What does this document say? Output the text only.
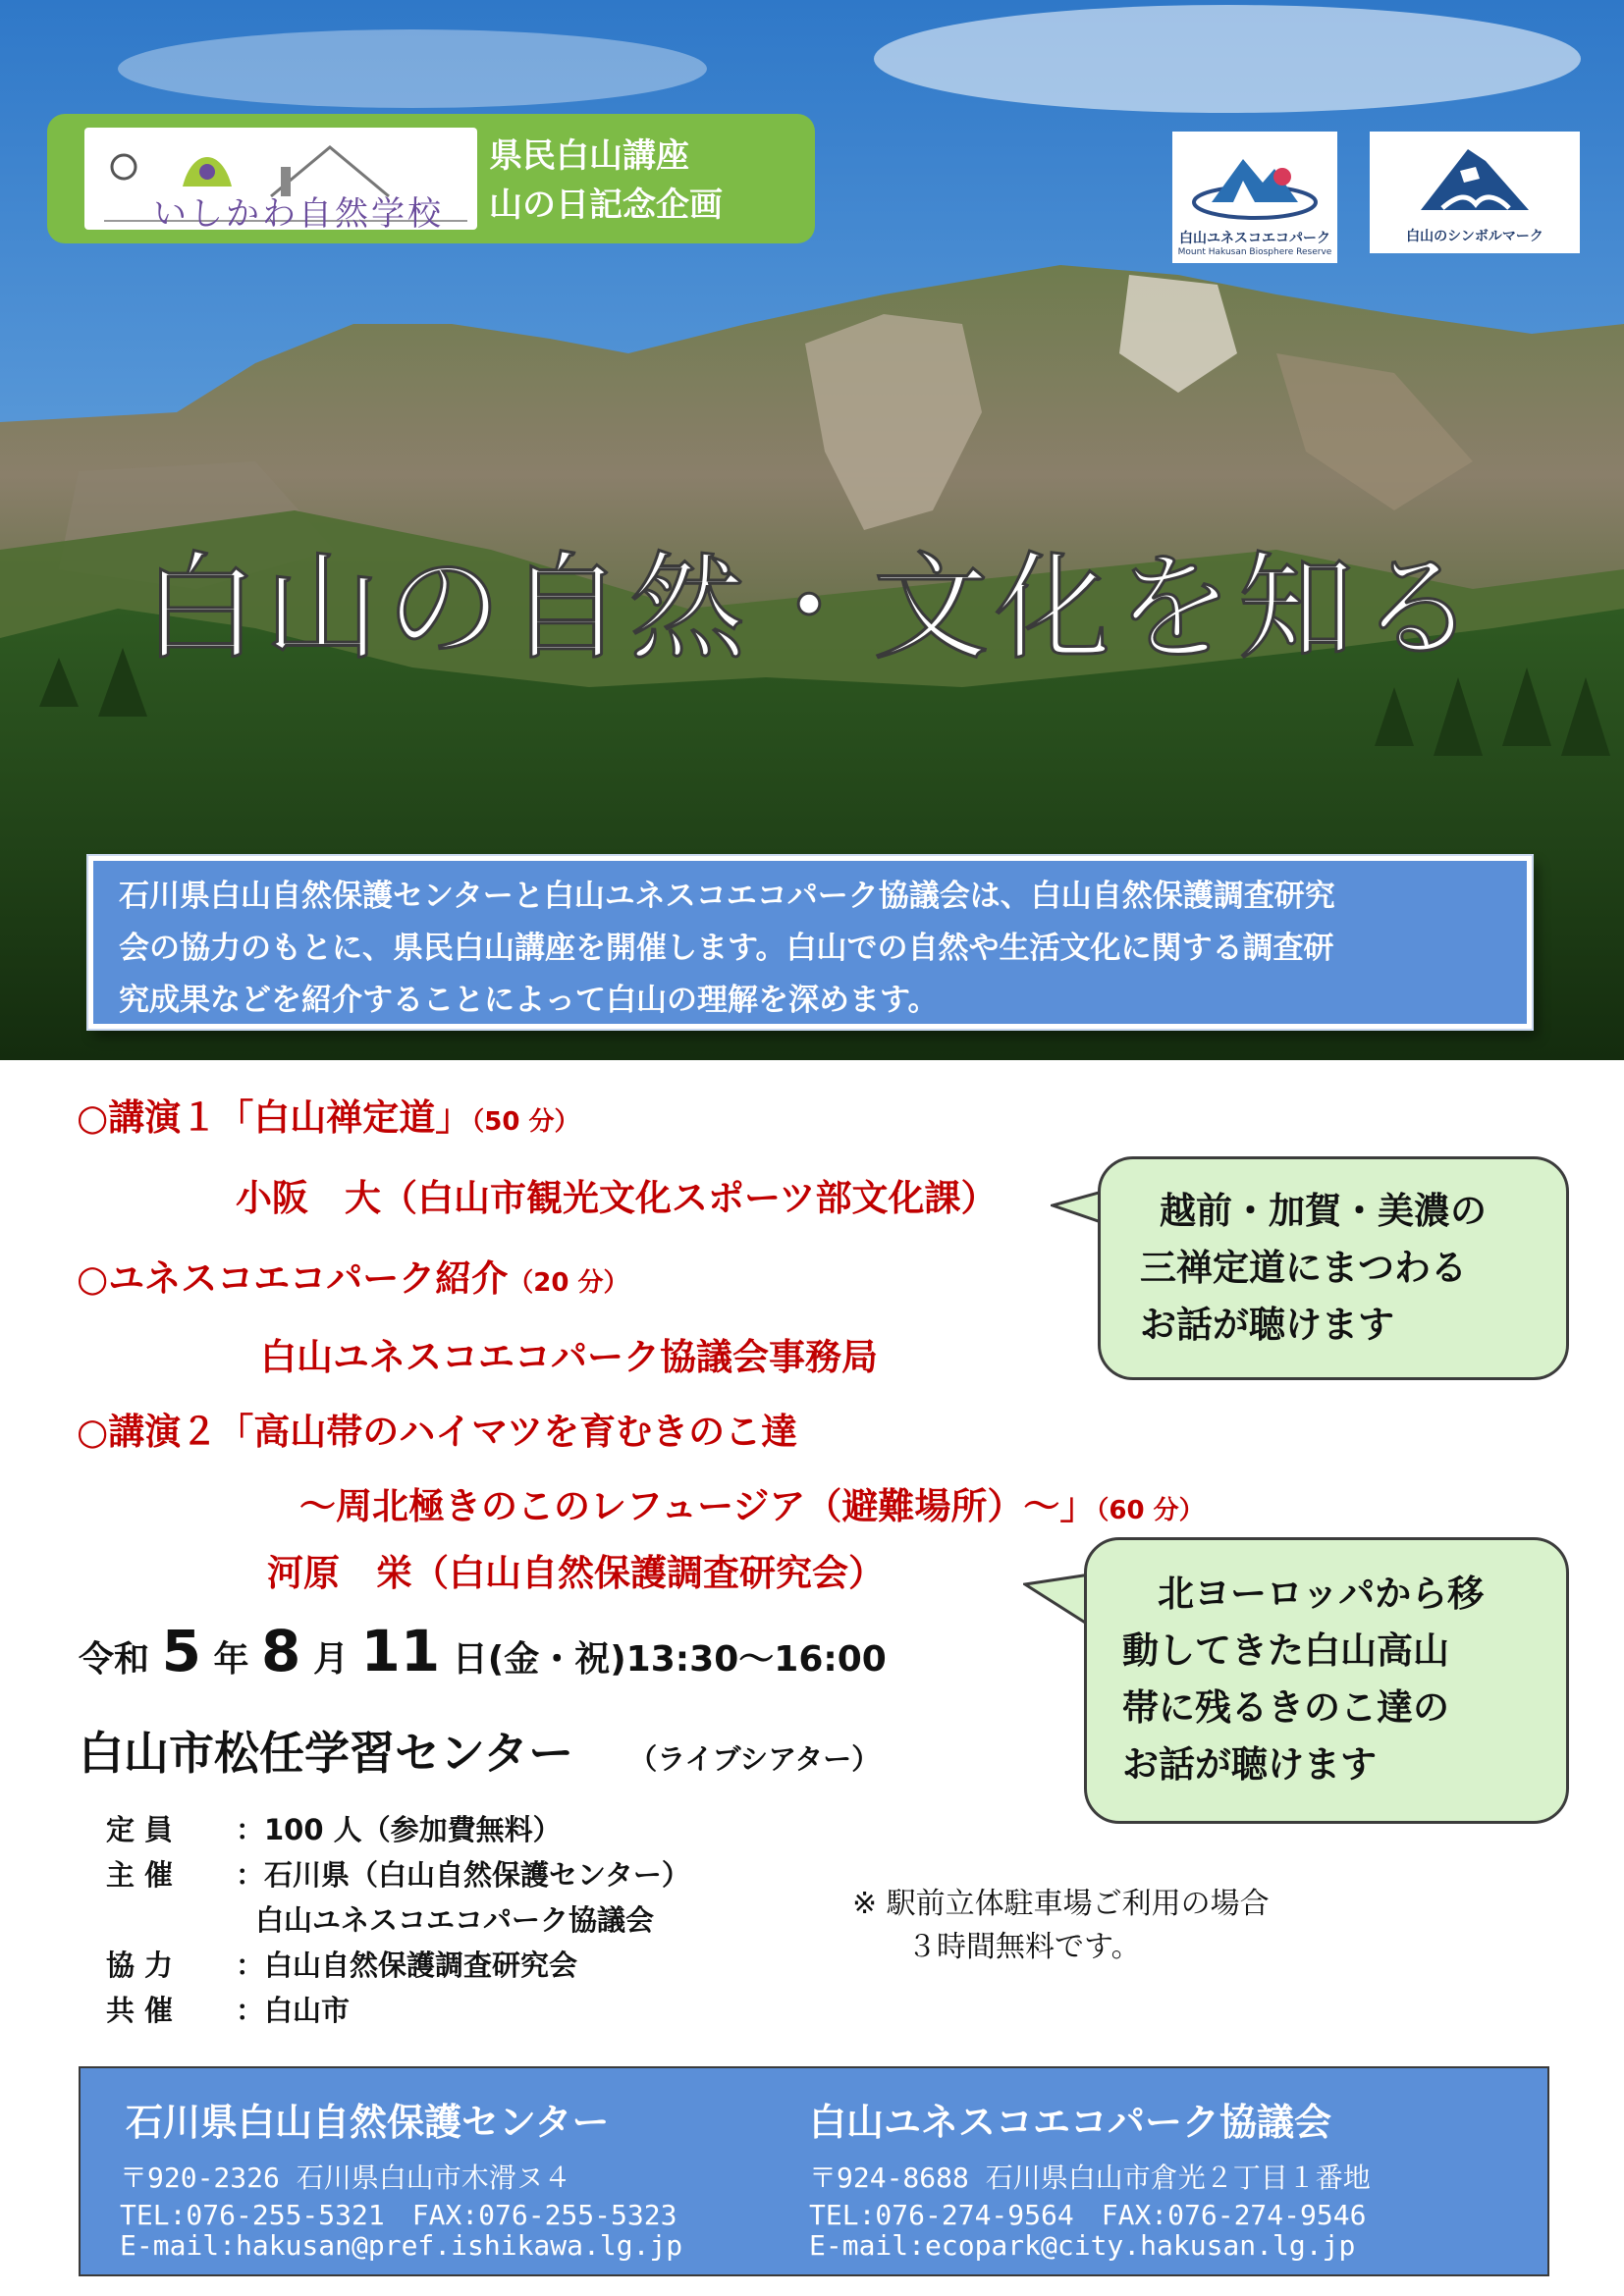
いしかわ自然学校
県民白山講座
山の日記念企画
白山ユネスコエコパーク
Mount Hakusan Biosphere Reserve
白山のシンボルマーク
白山の自然・文化を知る
石川県白山自然保護センターと白山ユネスコエコパーク協議会は、白山自然保護調査研究
会の協力のもとに、県民白山講座を開催します。白山での自然や生活文化に関する調査研
究成果などを紹介することによって白山の理解を深めます。
○講演１「白山禅定道」（50 分）
小阪　大（白山市観光文化スポーツ部文化課）
○ユネスコエコパーク紹介（20 分）
白山ユネスコエコパーク協議会事務局
○講演２「高山帯のハイマツを育むきのこ達
～周北極きのこのレフュージア（避難場所）～」（60 分）
河原　栄（白山自然保護調査研究会）
越前・加賀・美濃の
三禅定道にまつわる
お話が聴けます
北ヨーロッパから移
動してきた白山高山
帯に残るきのこ達の
お話が聴けます
令和 5 年 8 月 11 日(金・祝)13:30～16:00
白山市松任学習センター （ライブシアター）
定員 ：100 人（参加費無料）
主催 ：石川県（白山自然保護センター）
白山ユネスコエコパーク協議会
協力 ：白山自然保護調査研究会
共催 ：白山市
※ 駅前立体駐車場ご利用の場合
３時間無料です。
石川県白山自然保護センター
〒920-2326 石川県白山市木滑ヌ４
TEL:076-255-5321　FAX:076-255-5323
E-mail:hakusan@pref.ishikawa.lg.jp
白山ユネスコエコパーク協議会
〒924-8688 石川県白山市倉光２丁目１番地
TEL:076-274-9564　FAX:076-274-9546
E-mail:ecopark@city.hakusan.lg.jp
